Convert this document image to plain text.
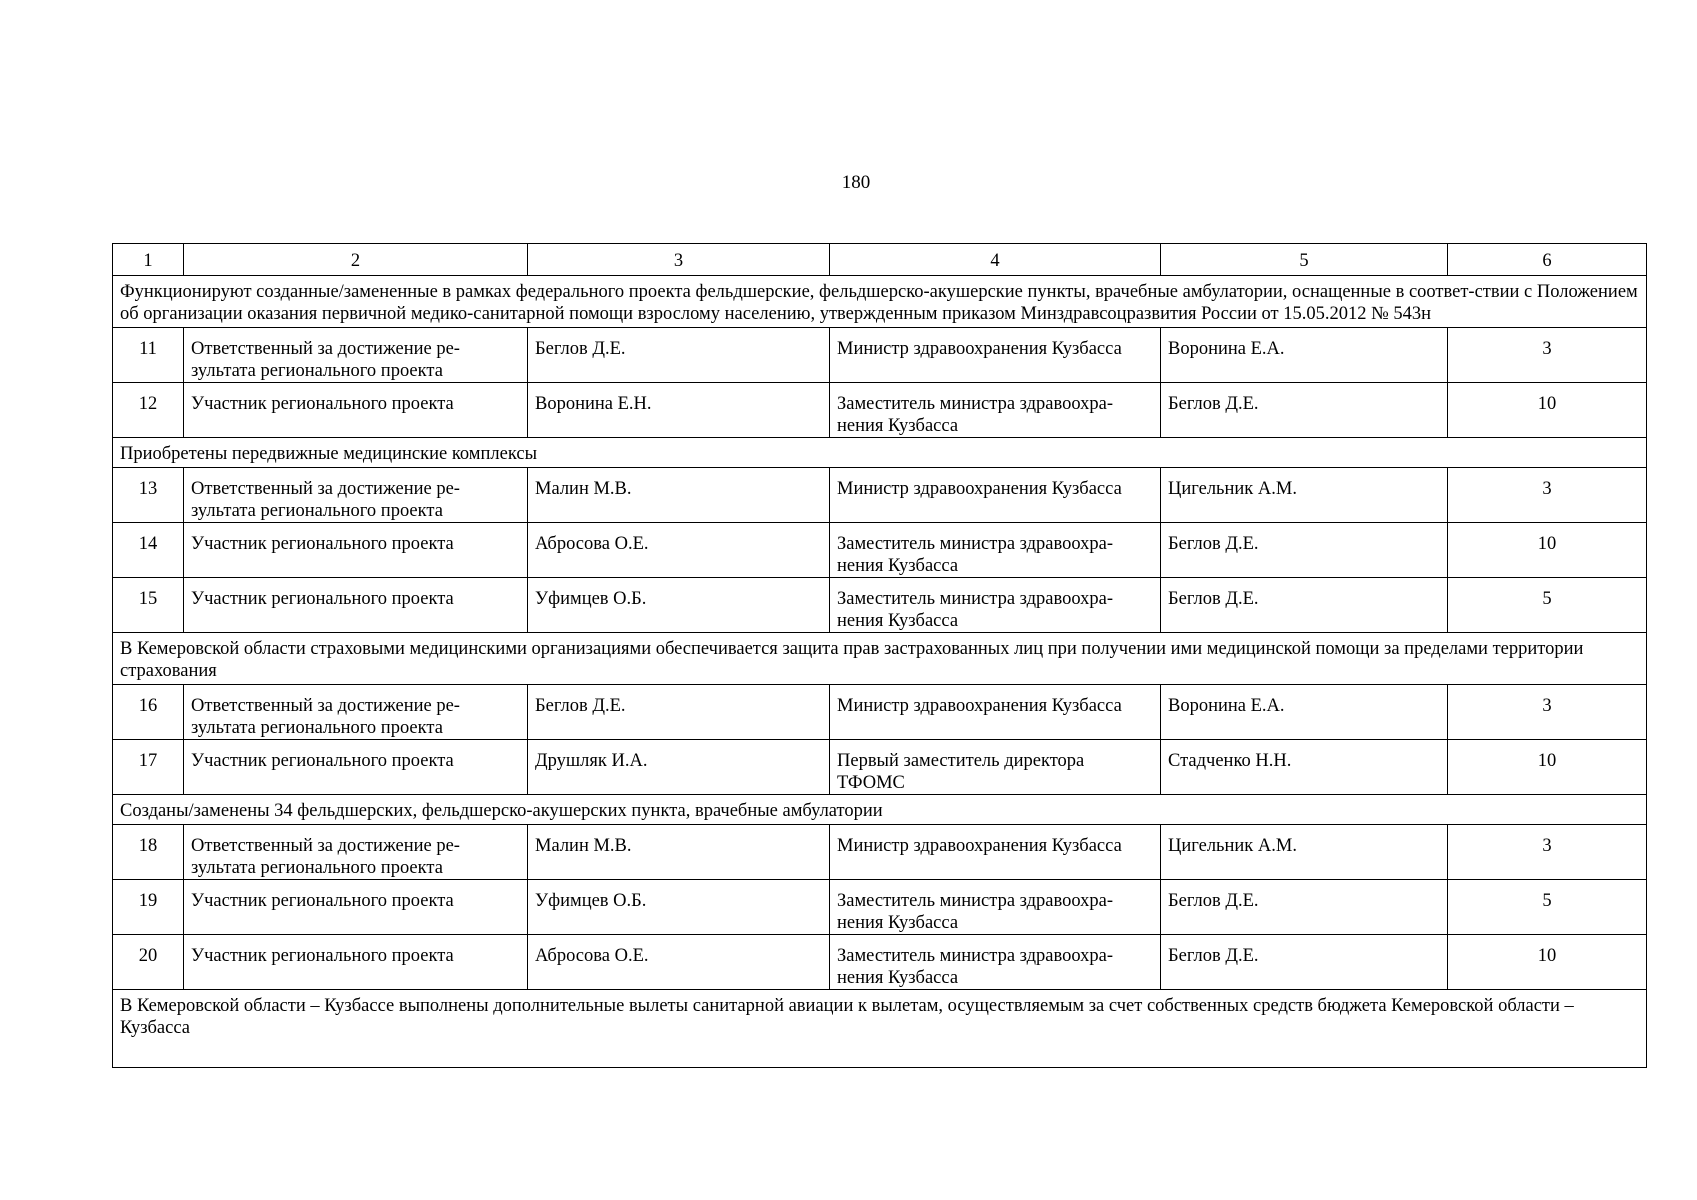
180
1	2	3	4	5	6
Функционируют созданные/замененные в рамках федерального проекта фельдшерские, фельдшерско-акушерские пункты, врачебные амбулатории, оснащенные в соответ-ствии с Положением об организации оказания первичной медико-санитарной помощи взрослому населению, утвержденным приказом Минздравсоцразвития России от 15.05.2012 № 543н					
11	Ответственный за достижение ре-зультата регионального проекта	Беглов Д.Е.	Министр здравоохранения Кузбасса	Воронина Е.А.	3
12	Участник регионального проекта	Воронина Е.Н.	Заместитель министра здравоохра-нения Кузбасса	Беглов Д.Е.	10
Приобретены передвижные медицинские комплексы					
13	Ответственный за достижение ре-зультата регионального проекта	Малин М.В.	Министр здравоохранения Кузбасса	Цигельник А.М.	3
14	Участник регионального проекта	Абросова О.Е.	Заместитель министра здравоохра-нения Кузбасса	Беглов Д.Е.	10
15	Участник регионального проекта	Уфимцев О.Б.	Заместитель министра здравоохра-нения Кузбасса	Беглов Д.Е.	5
В Кемеровской области страховыми медицинскими организациями обеспечивается защита прав застрахованных лиц при получении ими медицинской помощи за пределами территории страхования					
16	Ответственный за достижение ре-зультата регионального проекта	Беглов Д.Е.	Министр здравоохранения Кузбасса	Воронина Е.А.	3
17	Участник регионального проекта	Друшляк И.А.	Первый заместитель директора ТФОМС	Стадченко Н.Н.	10
Созданы/заменены 34 фельдшерских, фельдшерско-акушерских пункта, врачебные амбулатории					
18	Ответственный за достижение ре-зультата регионального проекта	Малин М.В.	Министр здравоохранения Кузбасса	Цигельник А.М.	3
19	Участник регионального проекта	Уфимцев О.Б.	Заместитель министра здравоохра-нения Кузбасса	Беглов Д.Е.	5
20	Участник регионального проекта	Абросова О.Е.	Заместитель министра здравоохра-нения Кузбасса	Беглов Д.Е.	10
В Кемеровской области – Кузбассе выполнены дополнительные вылеты санитарной авиации к вылетам, осуществляемым за счет собственных средств бюджета Кемеровской области – Кузбасса					
